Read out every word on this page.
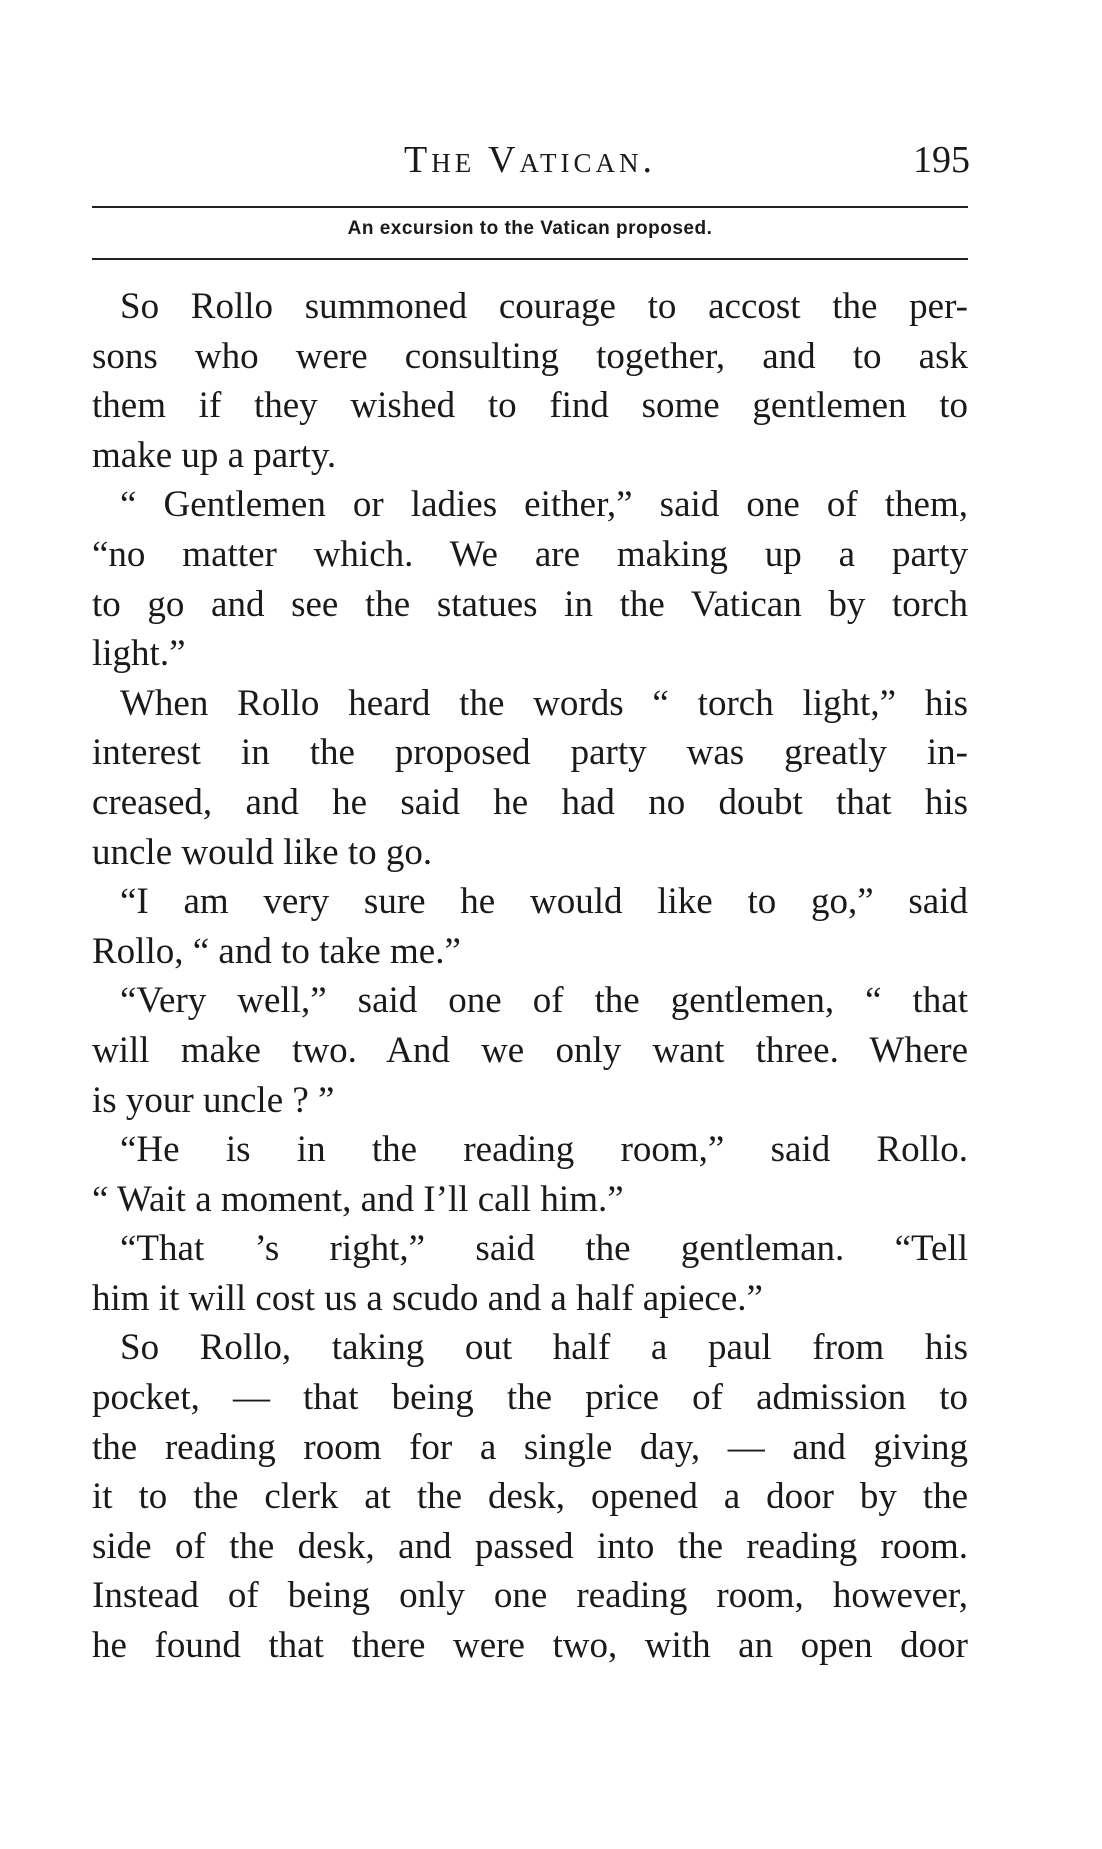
The Vatican.	195
An excursion to the Vatican proposed.
So Rollo summoned courage to accost the per-
sons who were consulting together, and to ask
them if they wished to find some gentlemen to
make up a party.
“ Gentlemen or ladies either,” said one of them,
“no matter which. We are making up a party
to go and see the statues in the Vatican by torch
light.”
When Rollo heard the words “ torch light,” his
interest in the proposed party was greatly in-
creased, and he said he had no doubt that his
uncle would like to go.
“I am very sure he would like to go,” said
Rollo, “ and to take me.”
“Very well,” said one of the gentlemen, “ that
will make two. And we only want three. Where
is your uncle ? ”
“He is in the reading room,” said Rollo.
“ Wait a moment, and I’ll call him.”
“That ’s right,” said the gentleman. “Tell
him it will cost us a scudo and a half apiece.”
So Rollo, taking out half a paul from his
pocket, — that being the price of admission to
the reading room for a single day, — and giving
it to the clerk at the desk, opened a door by the
side of the desk, and passed into the reading room.
Instead of being only one reading room, however,
he found that there were two, with an open door
